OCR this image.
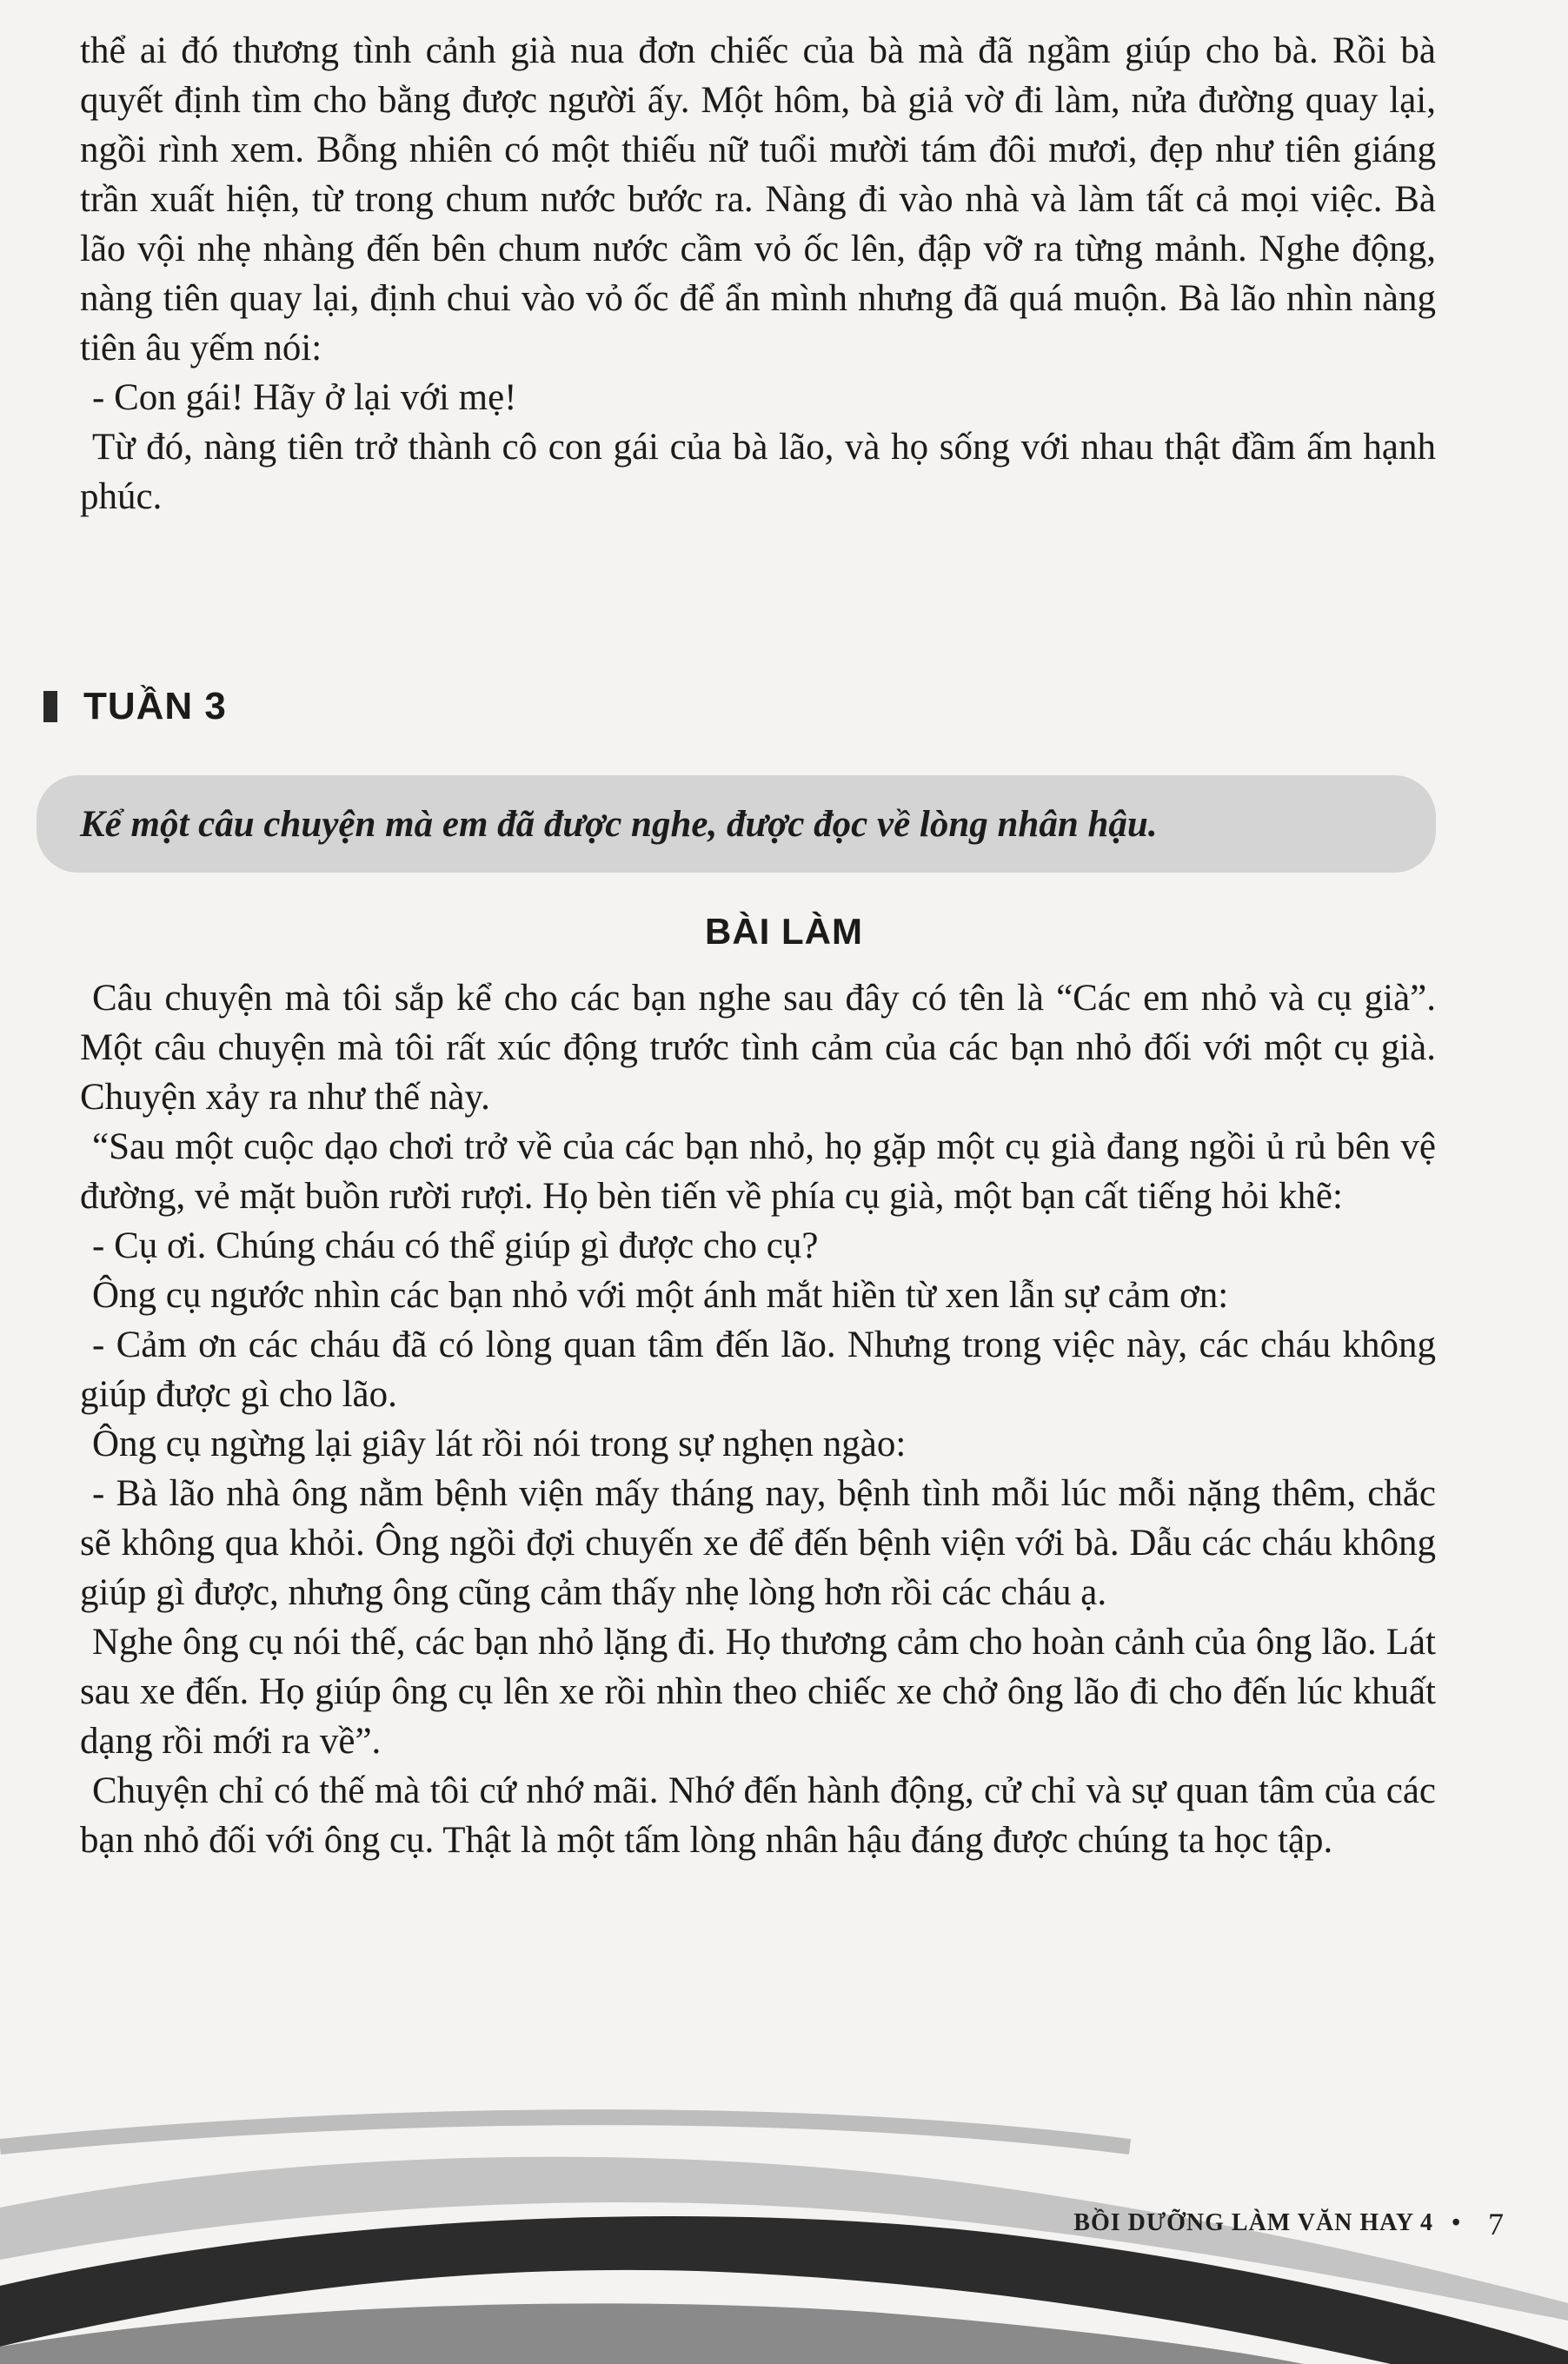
thể ai đó thương tình cảnh già nua đơn chiếc của bà mà đã ngầm giúp cho bà. Rồi bà quyết định tìm cho bằng được người ấy. Một hôm, bà giả vờ đi làm, nửa đường quay lại, ngồi rình xem. Bỗng nhiên có một thiếu nữ tuổi mười tám đôi mươi, đẹp như tiên giáng trần xuất hiện, từ trong chum nước bước ra. Nàng đi vào nhà và làm tất cả mọi việc. Bà lão vội nhẹ nhàng đến bên chum nước cầm vỏ ốc lên, đập vỡ ra từng mảnh. Nghe động, nàng tiên quay lại, định chui vào vỏ ốc để ẩn mình nhưng đã quá muộn. Bà lão nhìn nàng tiên âu yếm nói:

- Con gái! Hãy ở lại với mẹ!

Từ đó, nàng tiên trở thành cô con gái của bà lão, và họ sống với nhau thật đầm ấm hạnh phúc.

TUẦN 3
Kể một câu chuyện mà em đã được nghe, được đọc về lòng nhân hậu.
BÀI LÀM

Câu chuyện mà tôi sắp kể cho các bạn nghe sau đây có tên là “Các em nhỏ và cụ già”. Một câu chuyện mà tôi rất xúc động trước tình cảm của các bạn nhỏ đối với một cụ già. Chuyện xảy ra như thế này.

“Sau một cuộc dạo chơi trở về của các bạn nhỏ, họ gặp một cụ già đang ngồi ủ rủ bên vệ đường, vẻ mặt buồn rười rượi. Họ bèn tiến về phía cụ già, một bạn cất tiếng hỏi khẽ:

- Cụ ơi. Chúng cháu có thể giúp gì được cho cụ?

Ông cụ ngước nhìn các bạn nhỏ với một ánh mắt hiền từ xen lẫn sự cảm ơn:

- Cảm ơn các cháu đã có lòng quan tâm đến lão. Nhưng trong việc này, các cháu không giúp được gì cho lão.

Ông cụ ngừng lại giây lát rồi nói trong sự nghẹn ngào:

- Bà lão nhà ông nằm bệnh viện mấy tháng nay, bệnh tình mỗi lúc mỗi nặng thêm, chắc sẽ không qua khỏi. Ông ngồi đợi chuyến xe để đến bệnh viện với bà. Dẫu các cháu không giúp gì được, nhưng ông cũng cảm thấy nhẹ lòng hơn rồi các cháu ạ.

Nghe ông cụ nói thế, các bạn nhỏ lặng đi. Họ thương cảm cho hoàn cảnh của ông lão. Lát sau xe đến. Họ giúp ông cụ lên xe rồi nhìn theo chiếc xe chở ông lão đi cho đến lúc khuất dạng rồi mới ra về”.

Chuyện chỉ có thế mà tôi cứ nhớ mãi. Nhớ đến hành động, cử chỉ và sự quan tâm của các bạn nhỏ đối với ông cụ. Thật là một tấm lòng nhân hậu đáng được chúng ta học tập.

BỒI DƯỠNG LÀM VĂN HAY 4 • 7
